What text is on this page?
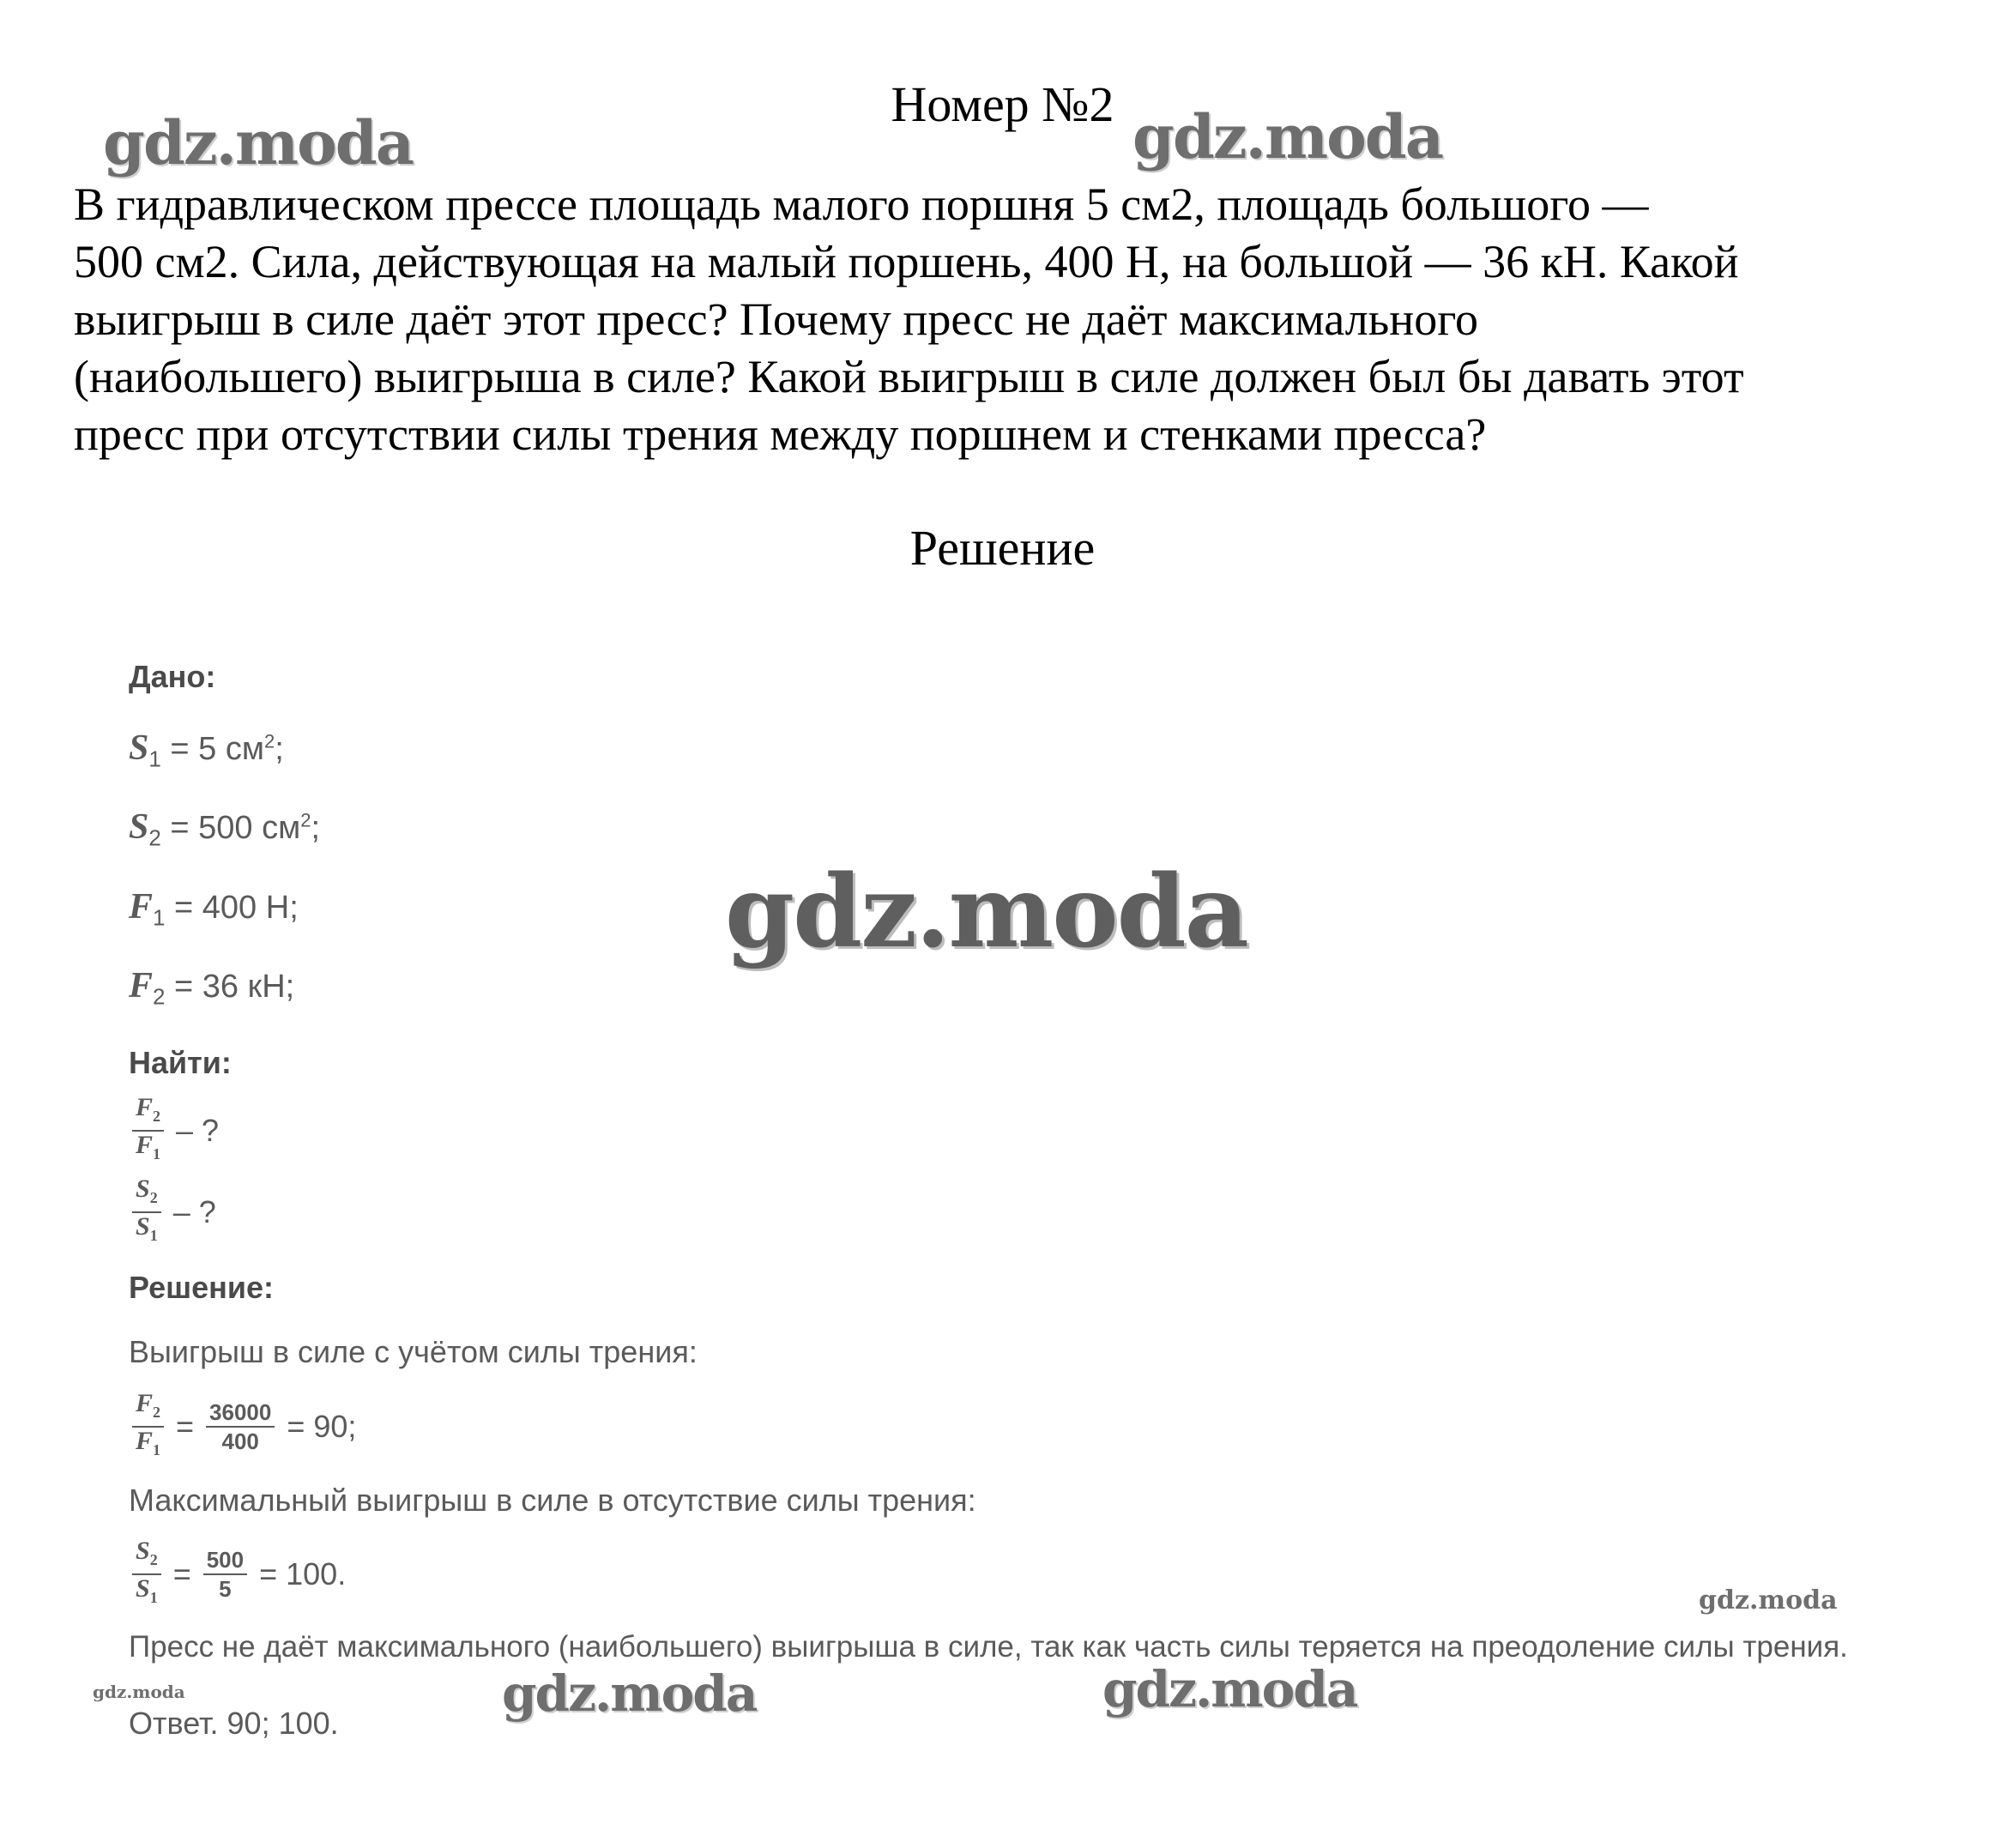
Номер №2
В гидравлическом прессе площадь малого поршня 5 см2, площадь большого —
500 см2. Сила, действующая на малый поршень, 400 Н, на большой — 36 кН. Какой
выигрыш в силе даёт этот пресс? Почему пресс не даёт максимального
(наибольшего) выигрыша в силе? Какой выигрыш в силе должен был бы давать этот
пресс при отсутствии силы трения между поршнем и стенками пресса?
Решение
Дано:
$S_1 = 5$ $см^2$;
$S_2 = 500$ $см^2$;
$F_1 = 400$ Н;
$F_2 = 36$ кН;
Найти:
$\frac{F_2}{F_1}$ – ?
$\frac{S_2}{S_1}$ – ?
Решение:
Выигрыш в силе с учётом силы трения:
$\frac{F_2}{F_1} = \frac{36000}{400} = 90$;
Максимальный выигрыш в силе в отсутствие силы трения:
$\frac{S_2}{S_1} = \frac{500}{5} = 100$.
Пресс не даёт максимального (наибольшего) выигрыша в силе, так как часть силы теряется на преодоление силы трения.
Ответ. 90; 100.
gdz.moda	gdz.moda
gdz.moda
gdz.moda
gdz.moda	gdz.moda	gdz.moda
